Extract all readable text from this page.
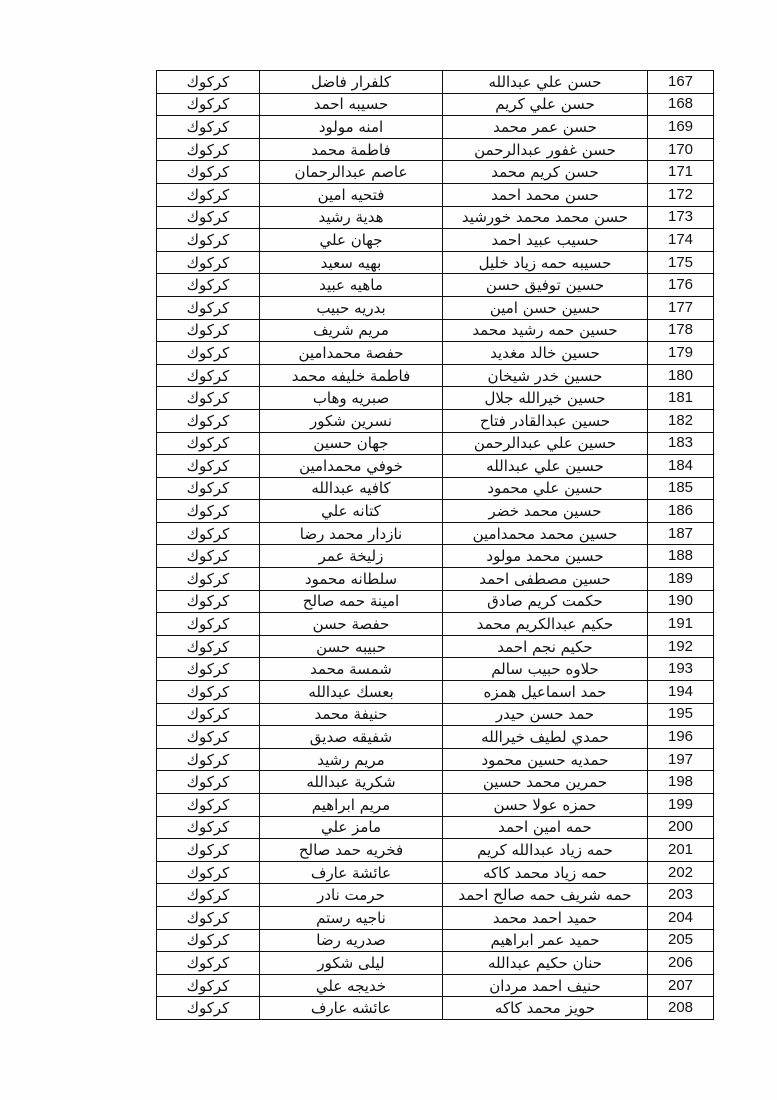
كركوك	كلفرار فاضل	حسن علي عبدالله	167
كركوك	حسيبه احمد	حسن علي كريم	168
كركوك	امنه مولود	حسن عمر محمد	169
كركوك	فاطمة محمد	حسن غفور عبدالرحمن	170
كركوك	عاصم عبدالرحمان	حسن كريم محمد	171
كركوك	فتحيه امين	حسن محمد احمد	172
كركوك	هدية رشيد	حسن محمد محمد خورشيد	173
كركوك	جهان علي	حسيب عبيد احمد	174
كركوك	بهيه سعيد	حسيبه حمه زياد خليل	175
كركوك	ماهيه عبيد	حسين توفيق حسن	176
كركوك	بدريه حبيب	حسين حسن امين	177
كركوك	مريم شريف	حسين حمه رشيد محمد	178
كركوك	حفصة محمدامين	حسين خالد مغديد	179
كركوك	فاطمة خليفه محمد	حسين خدر شيخان	180
كركوك	صبريه وهاب	حسين خيرالله جلال	181
كركوك	نسرين شكور	حسين عبدالقادر فتاح	182
كركوك	جهان حسين	حسين علي عبدالرحمن	183
كركوك	خوفي محمدامين	حسين علي عبدالله	184
كركوك	كافيه عبدالله	حسين علي محمود	185
كركوك	كتانه علي	حسين محمد خضر	186
كركوك	نازدار محمد رضا	حسين محمد محمدامين	187
كركوك	زليخة عمر	حسين محمد مولود	188
كركوك	سلطانه محمود	حسين مصطفى احمد	189
كركوك	امينة حمه صالح	حكمت كريم صادق	190
كركوك	حفصة حسن	حكيم عبدالكريم محمد	191
كركوك	حبيبه حسن	حكيم نجم احمد	192
كركوك	شمسة محمد	حلاوه حبيب سالم	193
كركوك	بعسك عبدالله	حمد اسماعيل همزه	194
كركوك	حنيفة محمد	حمد حسن حيدر	195
كركوك	شفيقه صديق	حمدي لطيف خيرالله	196
كركوك	مريم رشيد	حمديه حسين محمود	197
كركوك	شكرية عبدالله	حمرين محمد حسين	198
كركوك	مريم ابراهيم	حمزه عولا حسن	199
كركوك	مامز علي	حمه امين احمد	200
كركوك	فخريه حمد صالح	حمه زياد عبدالله كريم	201
كركوك	عائشة عارف	حمه زياد محمد كاكه	202
كركوك	حرمت نادر	حمه شريف حمه صالح احمد	203
كركوك	ناجيه رستم	حميد احمد محمد	204
كركوك	صدريه رضا	حميد عمر ابراهيم	205
كركوك	ليلى شكور	حنان حكيم عبدالله	206
كركوك	خديجه علي	حنيف احمد مردان	207
كركوك	عائشه عارف	حويز محمد كاكه	208
